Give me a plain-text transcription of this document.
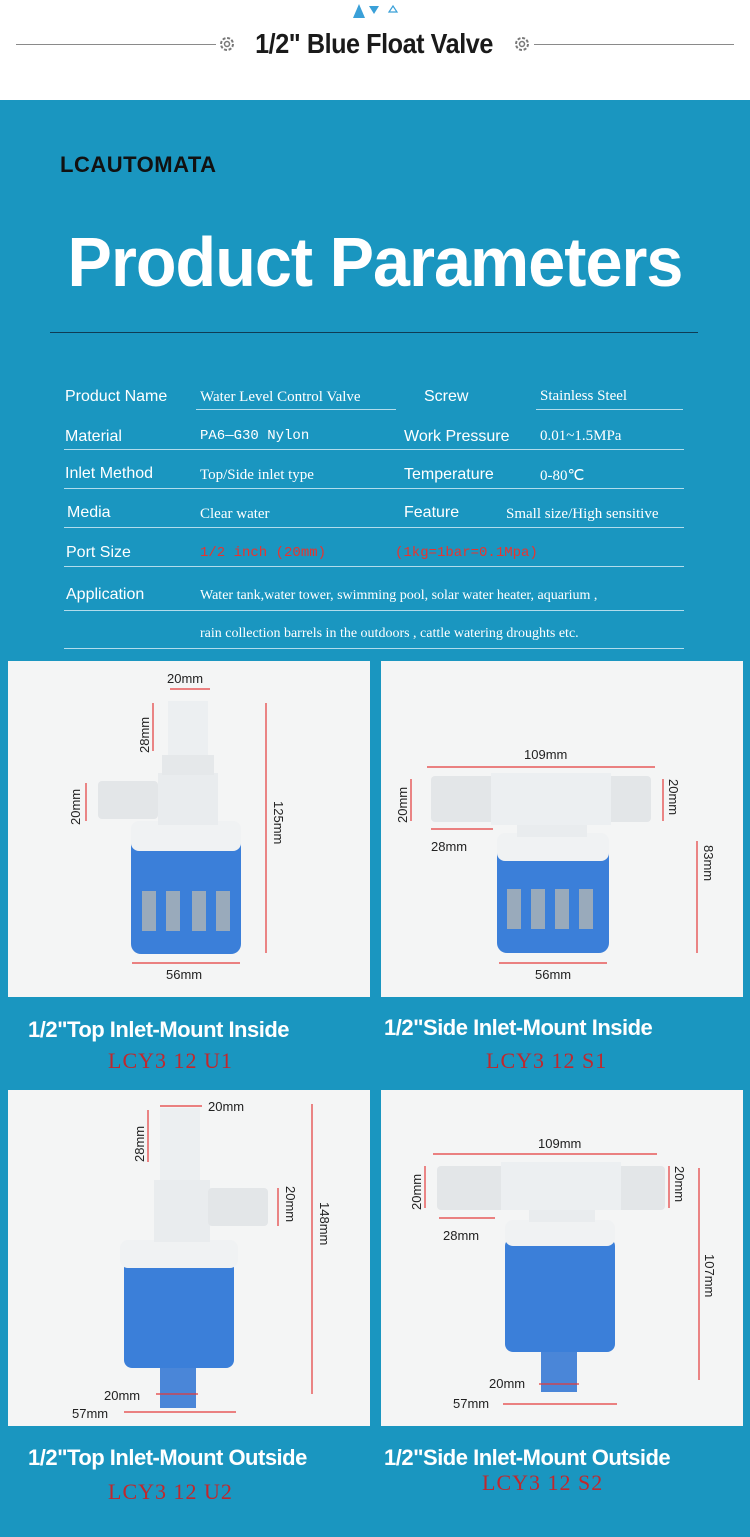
1/2" Blue Float Valve
LCAUTOMATA
Product Parameters
Product Name Water Level Control Valve	Screw	Stainless Steel
Material	PA6—G30 Nylon	Work Pressure 0.01~1.5MPa
Inlet Method	Top/Side inlet type	Temperature	0-80℃
Media	Clear water	Feature	Small size/High sensitive
Port Size	1/2 inch (20mm)	(1kg=1bar=0.1Mpa)
Application	Water tank,water tower, swimming pool, solar water heater, aquarium ,
rain collection barrels in the outdoors , cattle watering droughts etc.
20mm
28mm
20mm	125mm
56mm
1/2"Top Inlet-Mount Inside
LCY3 12 U1
109mm
20mm	20mm
28mm	83mm
56mm
1/2"Side Inlet-Mount Inside
LCY3 12 S1
20mm
28mm
20mm 148mm
20mm
57mm
1/2"Top Inlet-Mount Outside
LCY3 12 U2
109mm
20mm	20mm
28mm
107mm
20mm
57mm
1/2"Side Inlet-Mount Outside
LCY3 12 S2
